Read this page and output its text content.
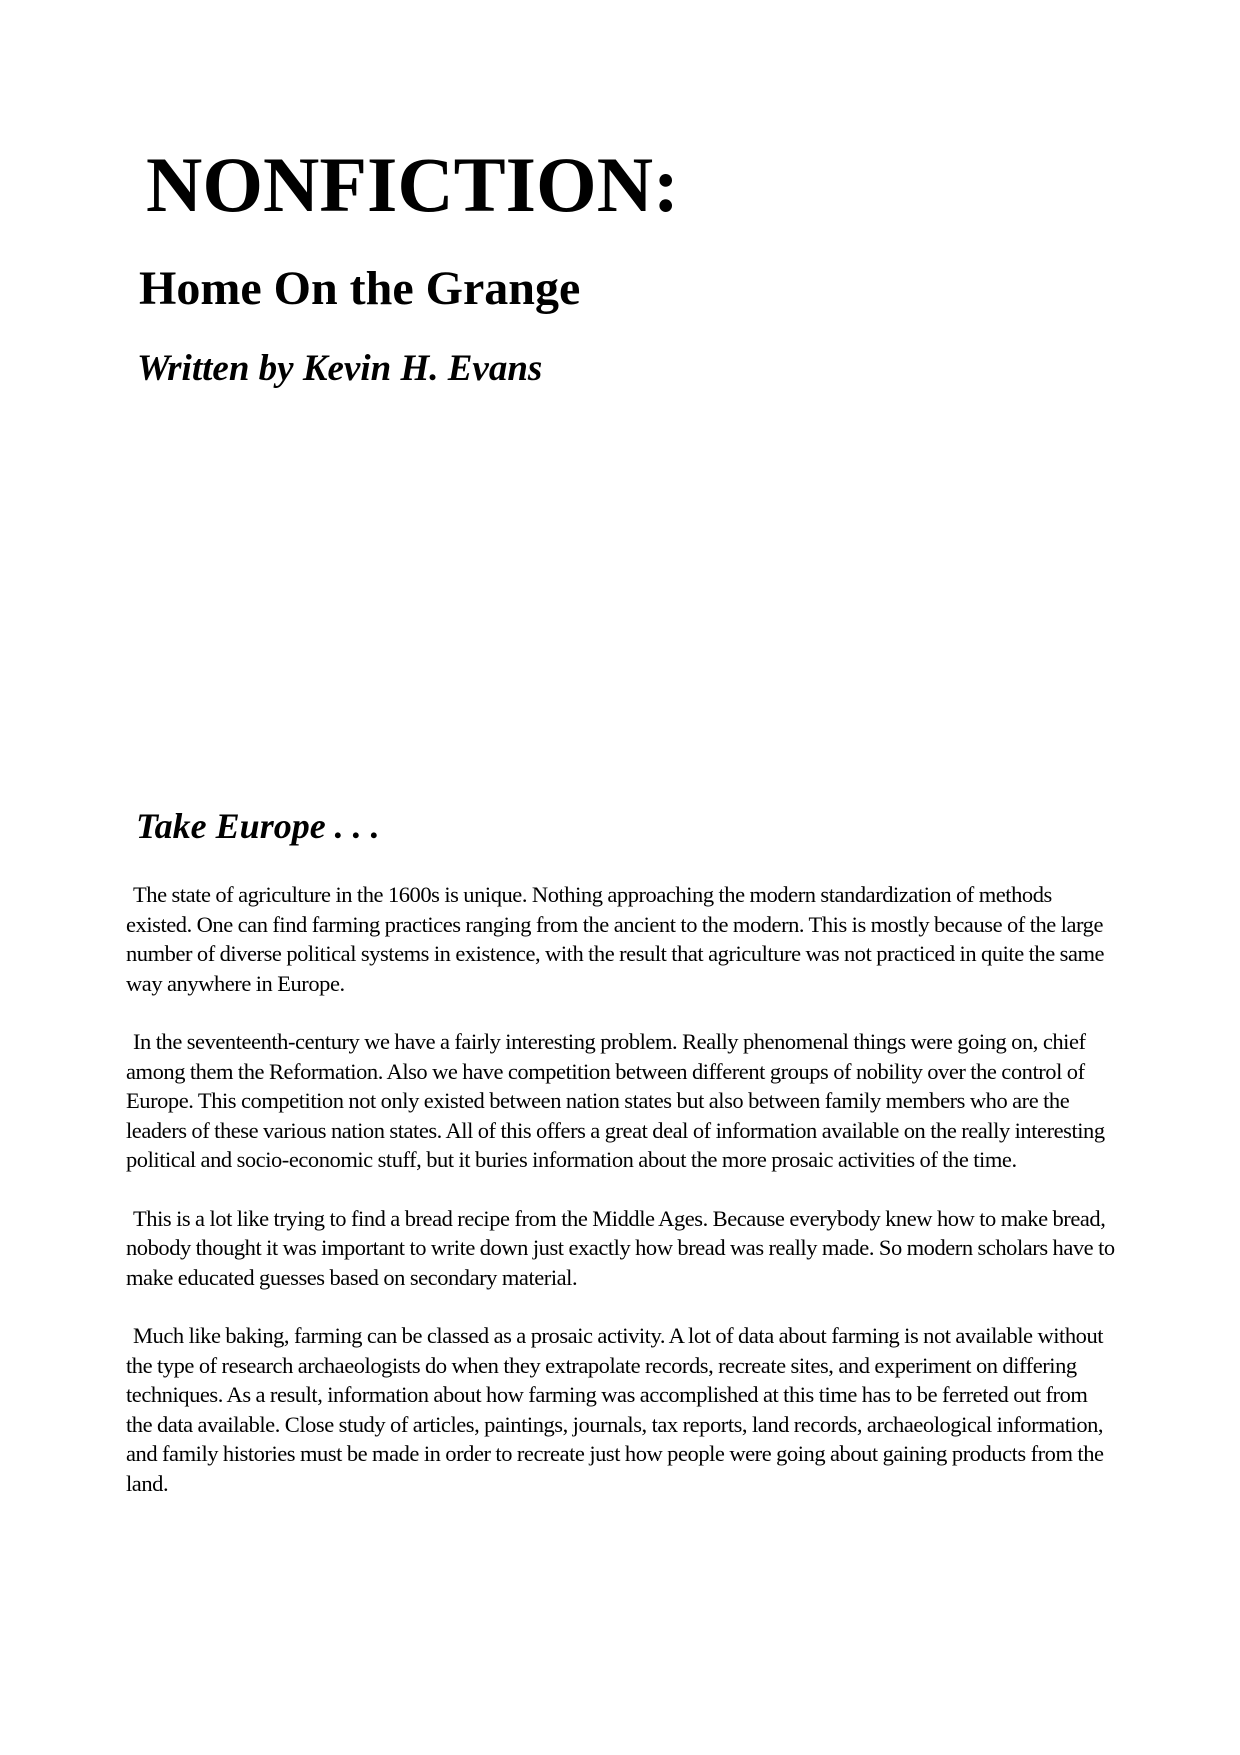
NONFICTION:
Home On the Grange
Written by Kevin H. Evans
Take Europe . . .

The state of agriculture in the 1600s is unique. Nothing approaching the modern standardization of methods existed. One can find farming practices ranging from the ancient to the modern. This is mostly because of the large number of diverse political systems in existence, with the result that agriculture was not practiced in quite the same way anywhere in Europe.

In the seventeenth-century we have a fairly interesting problem. Really phenomenal things were going on, chief among them the Reformation. Also we have competition between different groups of nobility over the control of Europe. This competition not only existed between nation states but also between family members who are the leaders of these various nation states. All of this offers a great deal of information available on the really interesting political and socio-economic stuff, but it buries information about the more prosaic activities of the time.

This is a lot like trying to find a bread recipe from the Middle Ages. Because everybody knew how to make bread, nobody thought it was important to write down just exactly how bread was really made. So modern scholars have to make educated guesses based on secondary material.

Much like baking, farming can be classed as a prosaic activity. A lot of data about farming is not available without the type of research archaeologists do when they extrapolate records, recreate sites, and experiment on differing techniques. As a result, information about how farming was accomplished at this time has to be ferreted out from the data available. Close study of articles, paintings, journals, tax reports, land records, archaeological information, and family histories must be made in order to recreate just how people were going about gaining products from the land.
